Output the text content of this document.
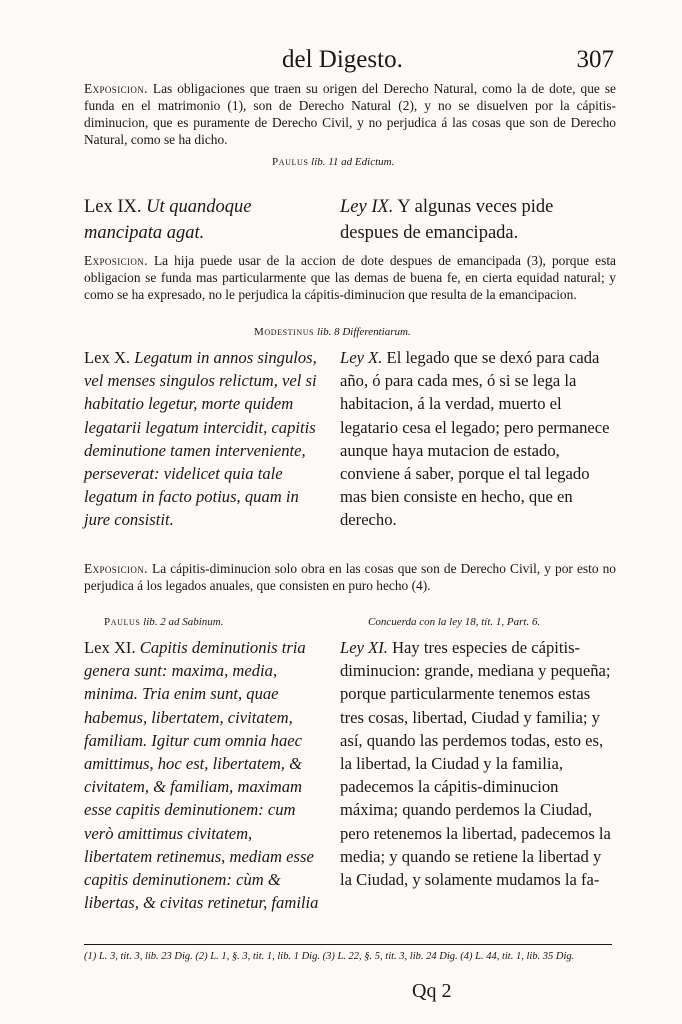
del Digesto.	307
Exposicion. Las obligaciones que traen su origen del Derecho Natural, como la de dote, que se funda en el matrimonio (1), son de Derecho Natural (2), y no se disuelven por la cápitis-diminucion, que es puramente de Derecho Civil, y no perjudica á las cosas que son de Derecho Natural, como se ha dicho.
Paulus lib. 11 ad Edictum.
Lex IX. Ut quandoque mancipata agat.
Ley IX. Y algunas veces pide despues de emancipada.
Exposicion. La hija puede usar de la accion de dote despues de emancipada (3), porque esta obligacion se funda mas particularmente que las demas de buena fe, en cierta equidad natural; y como se ha expresado, no le perjudica la cápitis-diminucion que resulta de la emancipacion.
Modestinus lib. 8 Differentiarum.
Lex X. Legatum in annos singulos, vel menses singulos relictum, vel si habitatio legetur, morte quidem legatarii legatum intercidit, capitis deminutione tamen interveniente, perseverat: videlicet quia tale legatum in facto potius, quam in jure consistit.
Ley X. El legado que se dexó para cada año, ó para cada mes, ó si se lega la habitacion, á la verdad, muerto el legatario cesa el legado; pero permanece aunque haya mutacion de estado, conviene á saber, porque el tal legado mas bien consiste en hecho, que en derecho.
Exposicion. La cápitis-diminucion solo obra en las cosas que son de Derecho Civil, y por esto no perjudica á los legados anuales, que consisten en puro hecho (4).
Paulus lib. 2 ad Sabinum.	Concuerda con la ley 18, tít. 1, Part. 6.
Lex XI. Capitis deminutionis tria genera sunt: maxima, media, minima. Tria enim sunt, quae habemus, libertatem, civitatem, familiam. Igitur cum omnia haec amittimus, hoc est, libertatem, & civitatem, & familiam, maximam esse capitis deminutionem: cum verò amittimus civitatem, libertatem retinemus, mediam esse capitis deminutionem: cùm & libertas, & civitas retinetur, familia
Ley XI. Hay tres especies de cápitis-diminucion: grande, mediana y pequeña; porque particularmente tenemos estas tres cosas, libertad, Ciudad y familia; y así, quando las perdemos todas, esto es, la libertad, la Ciudad y la familia, padecemos la cápitis-diminucion máxima; quando perdemos la Ciudad, pero retenemos la libertad, padecemos la media; y quando se retiene la libertad y la Ciudad, y solamente mudamos la fa-
(1) L. 3, tit. 3, lib. 23 Dig. (2) L. 1, §. 3, tit. 1, lib. 1 Dig. (3) L. 22, §. 5, tit. 3, lib. 24 Dig. (4) L. 44, tit. 1, lib. 35 Dig.
Qq 2
